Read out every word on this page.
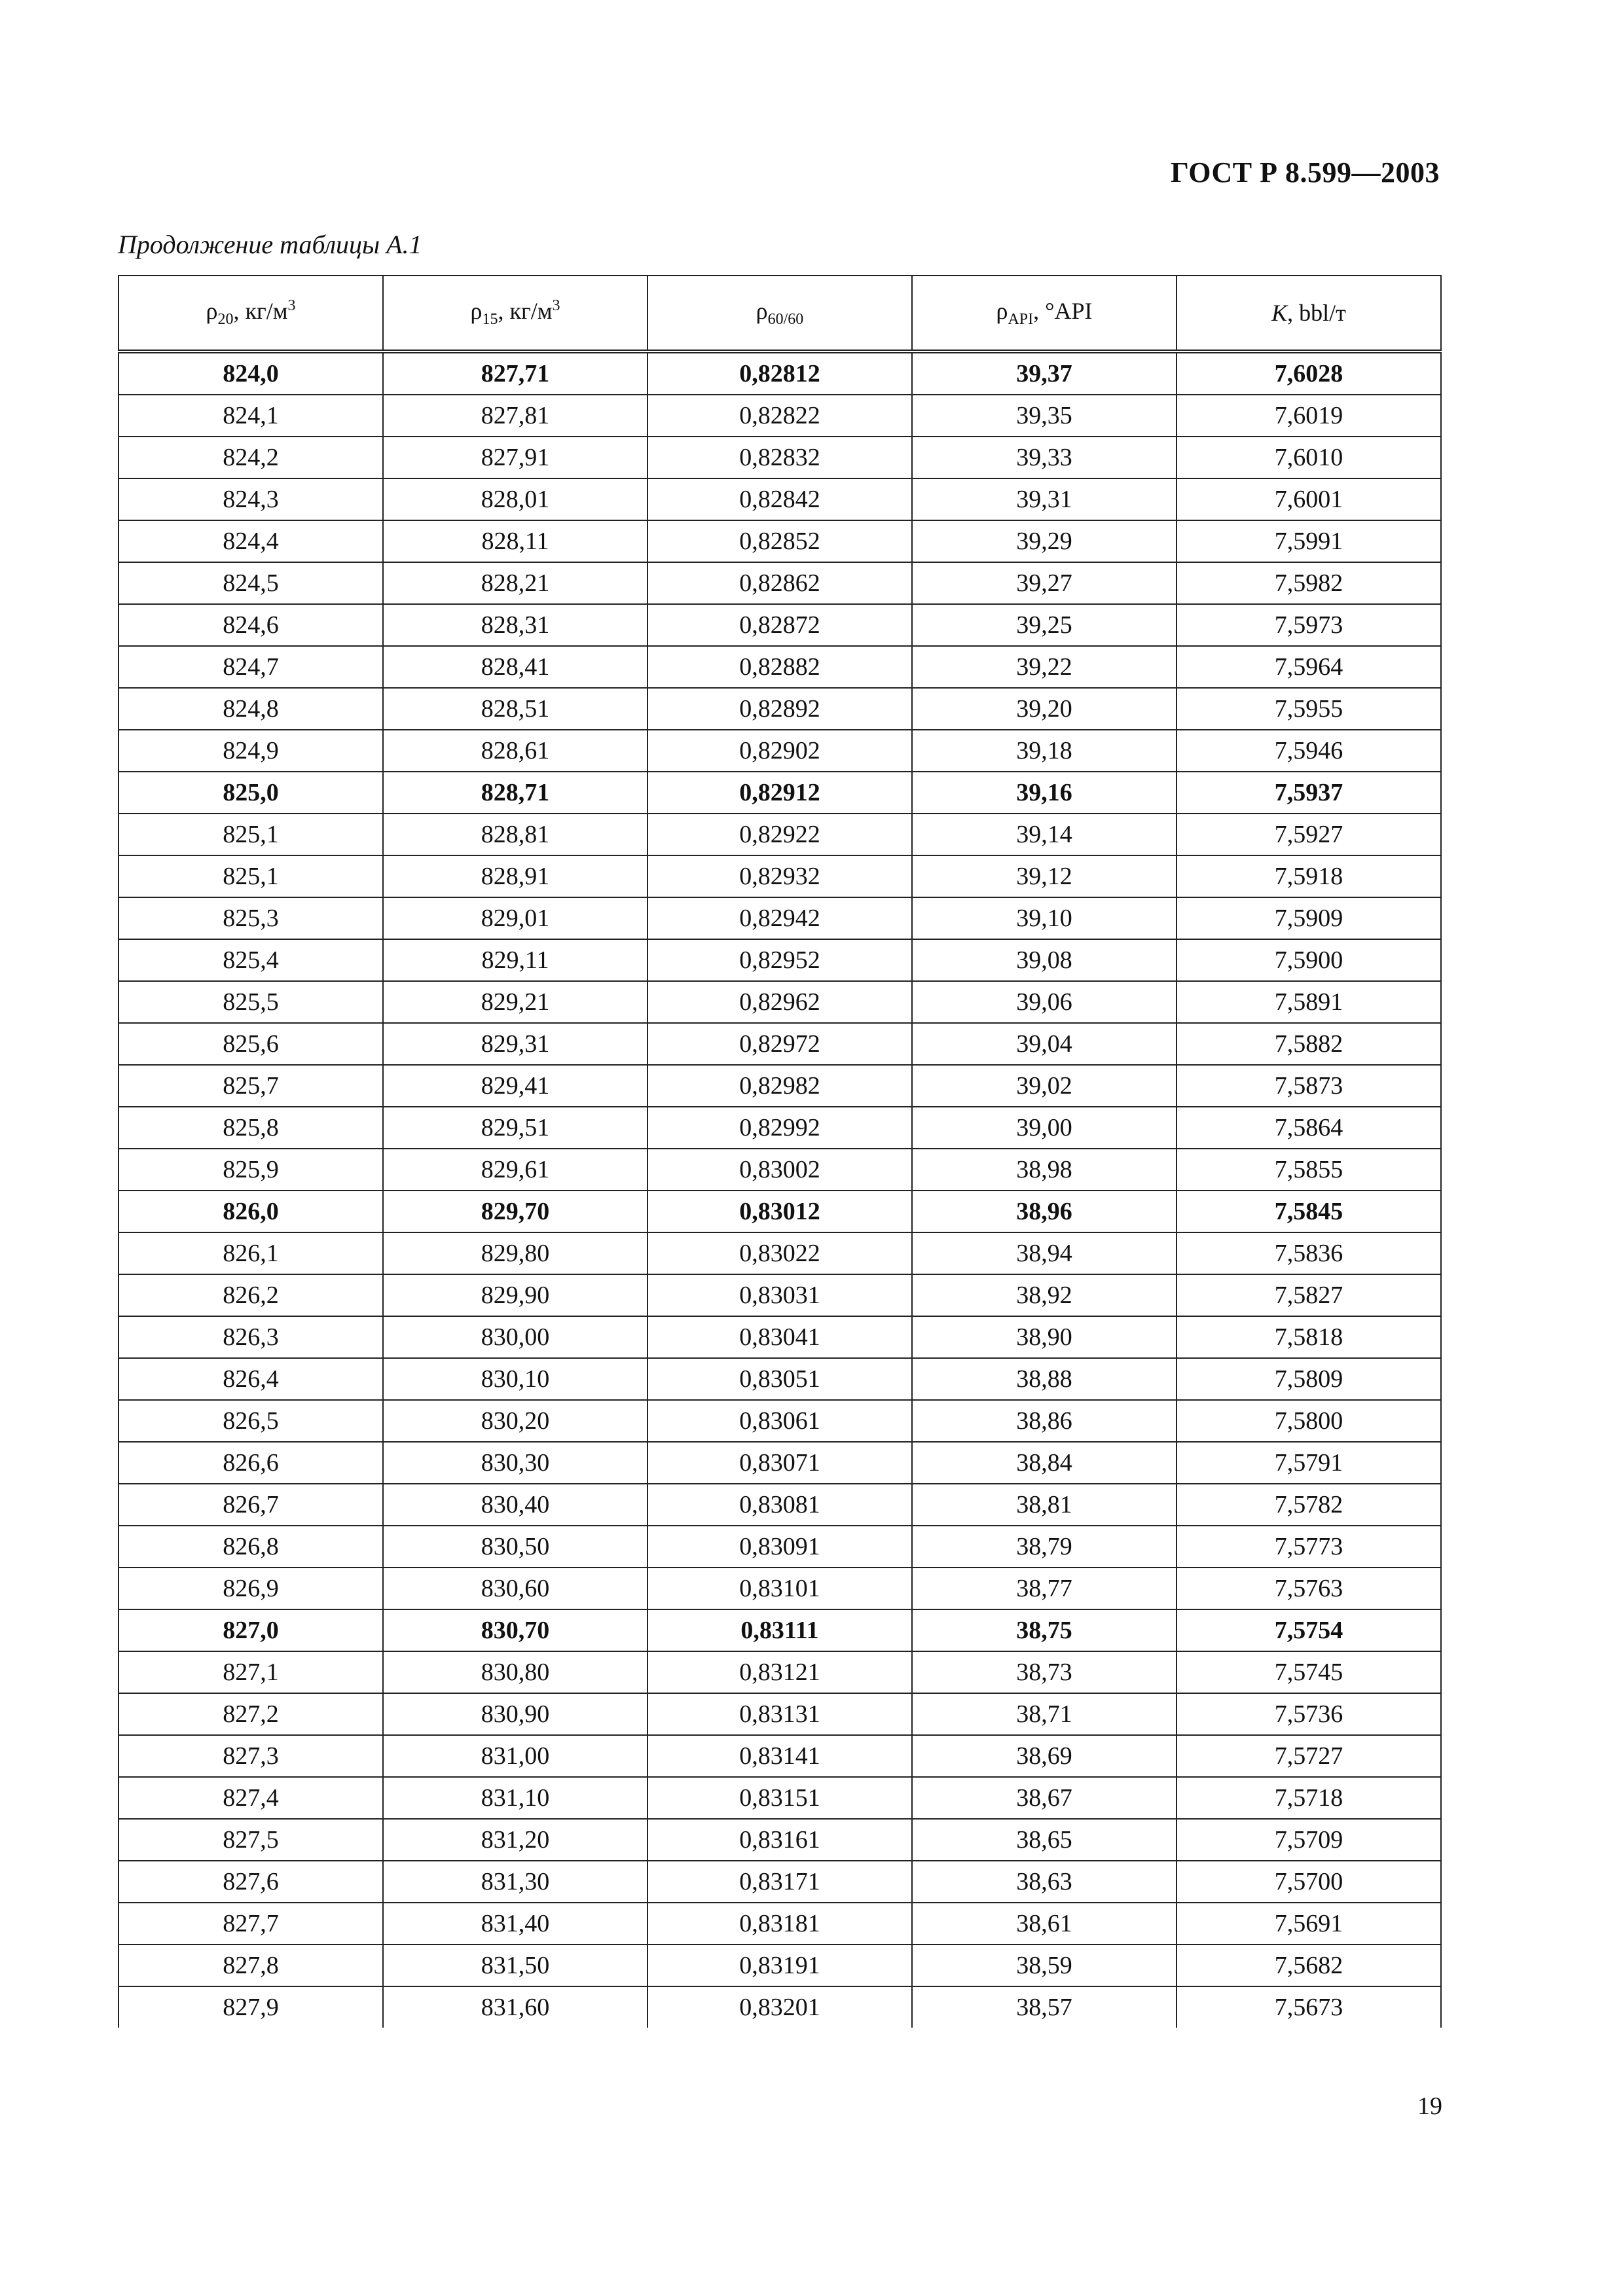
ГОСТ Р 8.599—2003
Продолжение таблицы А.1
$\rho_{20}$, $кг/м^3$	$\rho_{15}$, $кг/м^3$	$\rho_{60/60}$	$\rho_{API}$, °API	K, bbl/т
824,0	827,71	0,82812	39,37	7,6028
824,1	827,81	0,82822	39,35	7,6019
824,2	827,91	0,82832	39,33	7,6010
824,3	828,01	0,82842	39,31	7,6001
824,4	828,11	0,82852	39,29	7,5991
824,5	828,21	0,82862	39,27	7,5982
824,6	828,31	0,82872	39,25	7,5973
824,7	828,41	0,82882	39,22	7,5964
824,8	828,51	0,82892	39,20	7,5955
824,9	828,61	0,82902	39,18	7,5946
825,0	828,71	0,82912	39,16	7,5937
825,1	828,81	0,82922	39,14	7,5927
825,1	828,91	0,82932	39,12	7,5918
825,3	829,01	0,82942	39,10	7,5909
825,4	829,11	0,82952	39,08	7,5900
825,5	829,21	0,82962	39,06	7,5891
825,6	829,31	0,82972	39,04	7,5882
825,7	829,41	0,82982	39,02	7,5873
825,8	829,51	0,82992	39,00	7,5864
825,9	829,61	0,83002	38,98	7,5855
826,0	829,70	0,83012	38,96	7,5845
826,1	829,80	0,83022	38,94	7,5836
826,2	829,90	0,83031	38,92	7,5827
826,3	830,00	0,83041	38,90	7,5818
826,4	830,10	0,83051	38,88	7,5809
826,5	830,20	0,83061	38,86	7,5800
826,6	830,30	0,83071	38,84	7,5791
826,7	830,40	0,83081	38,81	7,5782
826,8	830,50	0,83091	38,79	7,5773
826,9	830,60	0,83101	38,77	7,5763
827,0	830,70	0,83111	38,75	7,5754
827,1	830,80	0,83121	38,73	7,5745
827,2	830,90	0,83131	38,71	7,5736
827,3	831,00	0,83141	38,69	7,5727
827,4	831,10	0,83151	38,67	7,5718
827,5	831,20	0,83161	38,65	7,5709
827,6	831,30	0,83171	38,63	7,5700
827,7	831,40	0,83181	38,61	7,5691
827,8	831,50	0,83191	38,59	7,5682
827,9	831,60	0,83201	38,57	7,5673
19
